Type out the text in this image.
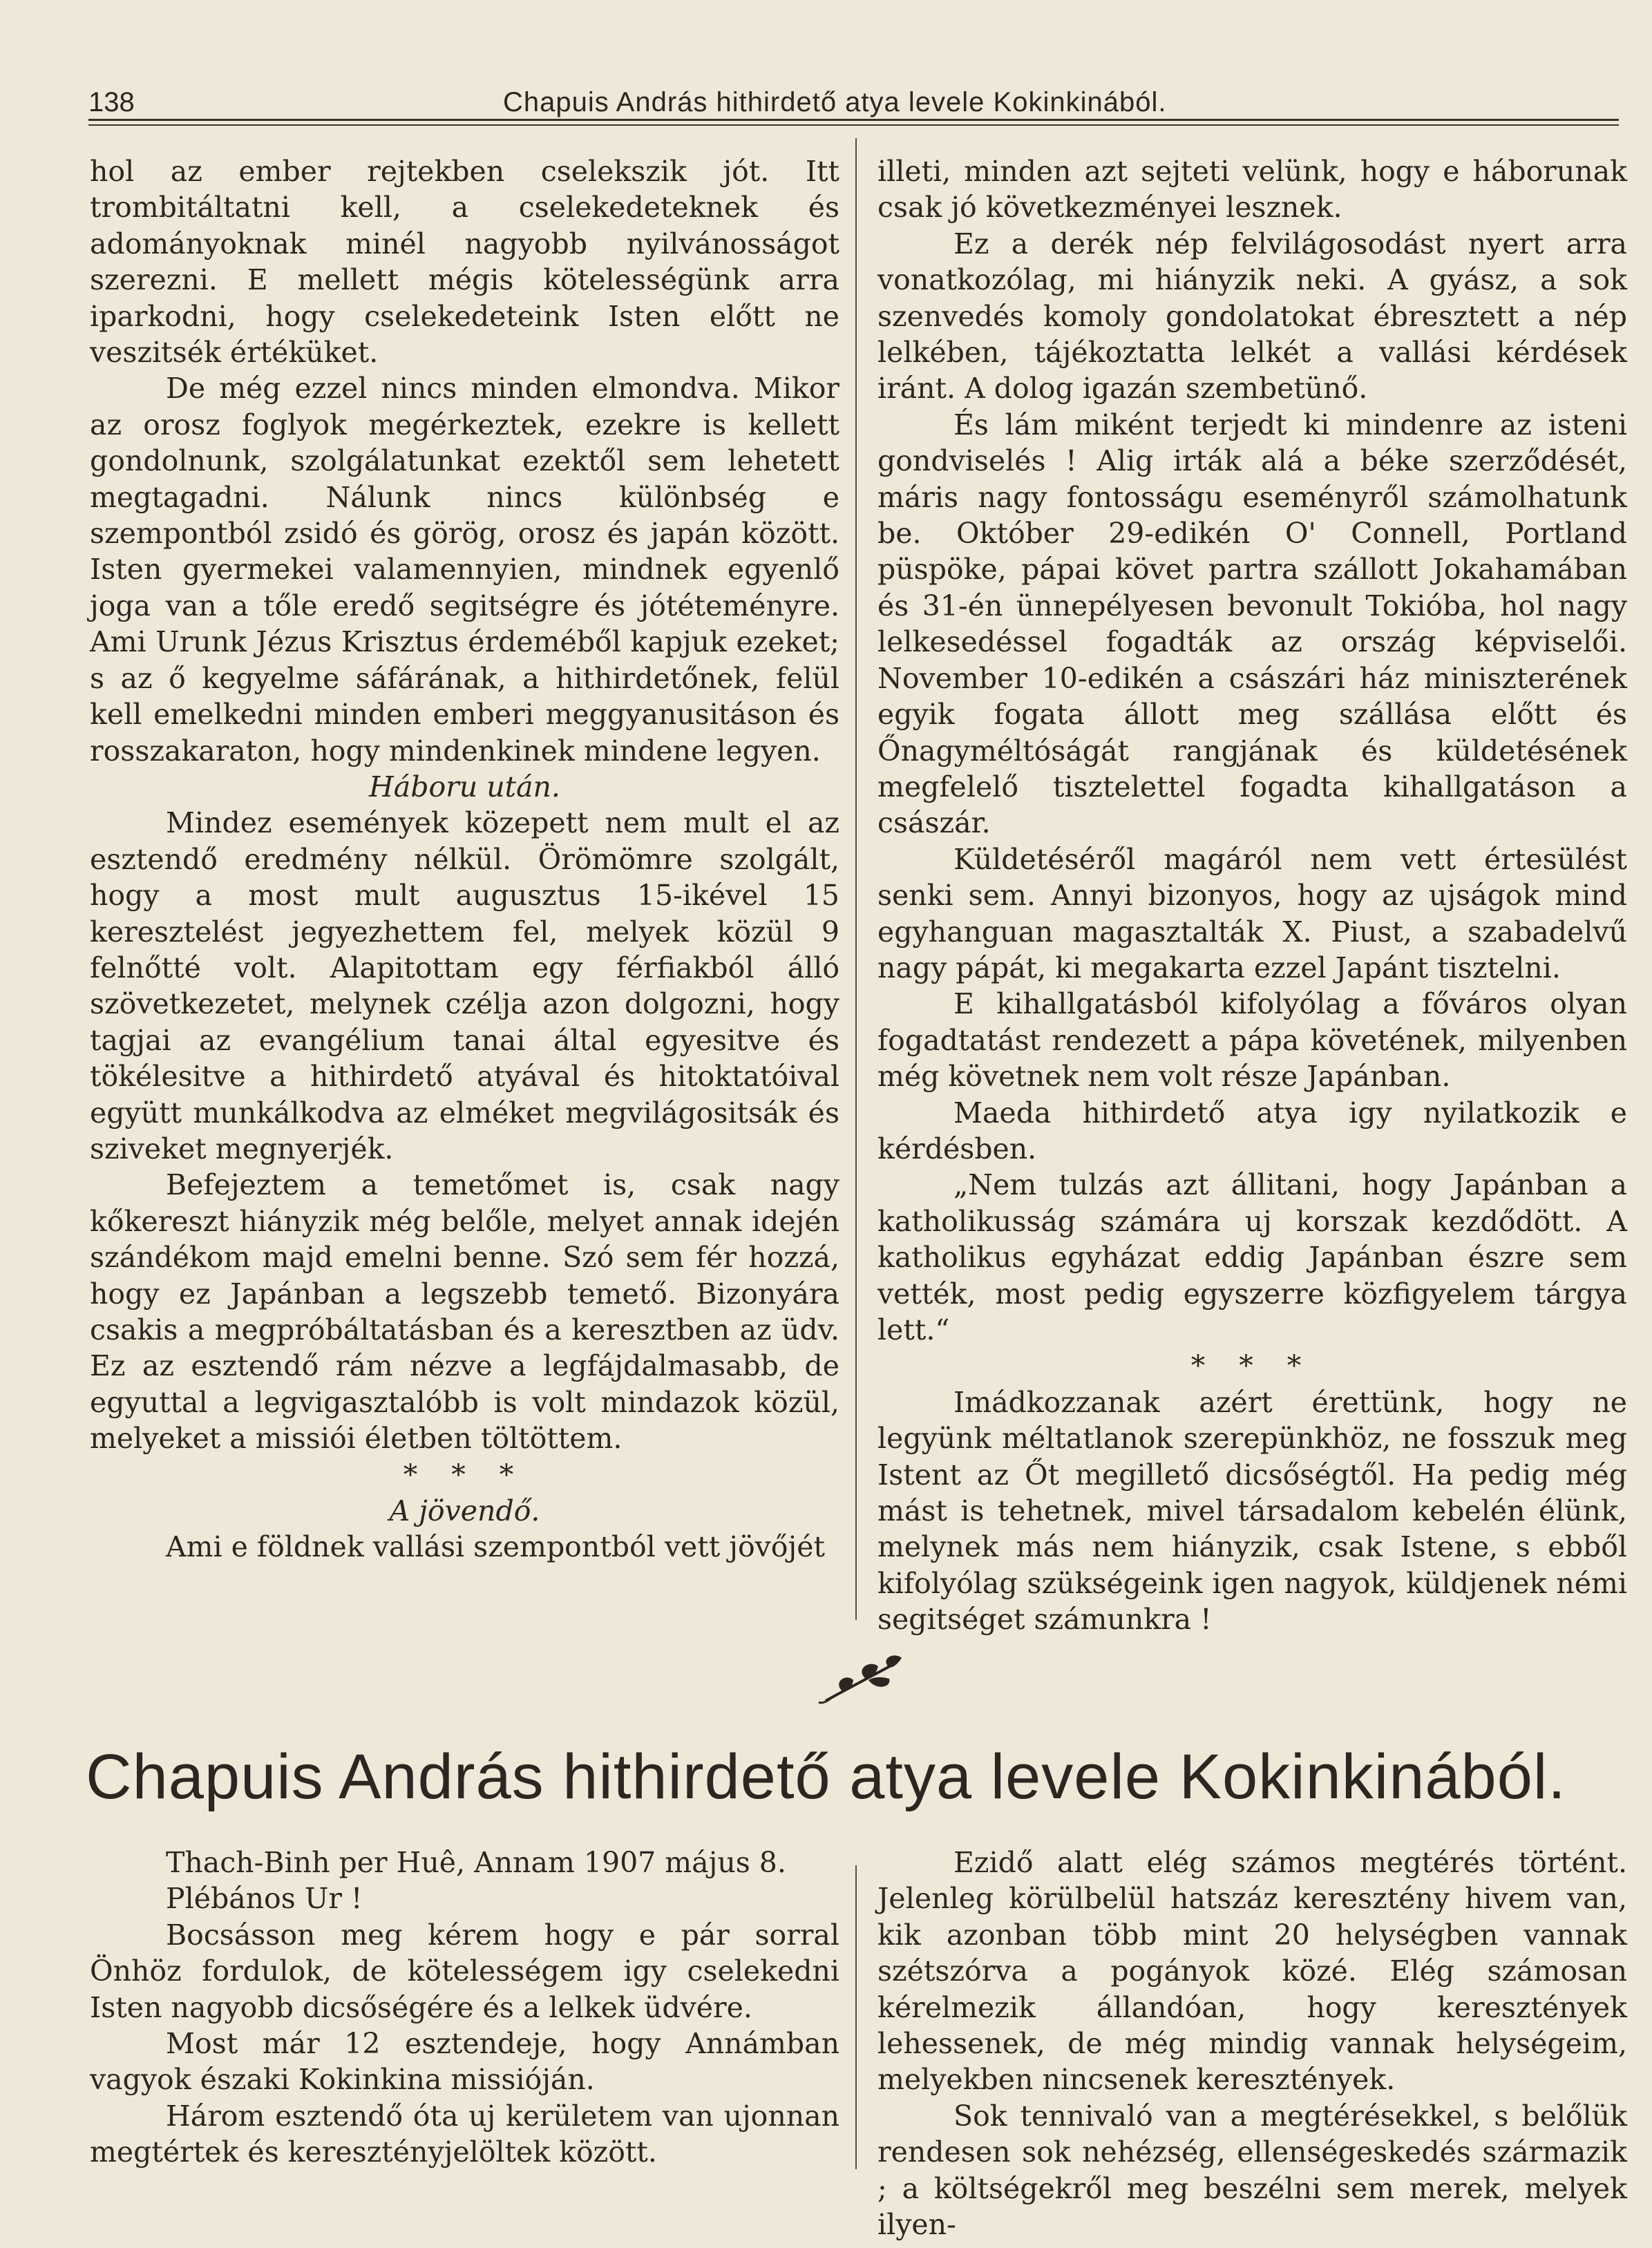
138	Chapuis András hithirdető atya levele Kokinkinából.

hol az ember rejtekben cselekszik jót. Itt trombitáltatni kell, a cselekedeteknek és adományoknak minél nagyobb nyilvánosságot szerezni. E mellett mégis kötelességünk arra iparkodni, hogy cselekedeteink Isten előtt ne veszitsék értéküket.

De még ezzel nincs minden elmondva. Mikor az orosz foglyok megérkeztek, ezekre is kellett gondolnunk, szolgálatunkat ezektől sem lehetett megtagadni. Nálunk nincs különbség e szempontból zsidó és görög, orosz és japán között. Isten gyermekei valamennyien, mindnek egyenlő joga van a tőle eredő segitségre és jótéteményre. Ami Urunk Jézus Krisztus érdeméből kapjuk ezeket; s az ő kegyelme sáfárának, a hithirdetőnek, felül kell emelkedni minden emberi meggyanusitáson és rosszakaraton, hogy mindenkinek mindene legyen.

Háboru után.

Mindez események közepett nem mult el az esztendő eredmény nélkül. Örömömre szolgált, hogy a most mult augusztus 15-ikével 15 keresztelést jegyezhettem fel, melyek közül 9 felnőtté volt. Alapitottam egy férfiakból álló szövetkezetet, melynek czélja azon dolgozni, hogy tagjai az evangélium tanai által egyesitve és tökélesitve a hithirdető atyával és hitoktatóival együtt munkálkodva az elméket megvilágositsák és sziveket megnyerjék.

Befejeztem a temetőmet is, csak nagy kőkereszt hiányzik még belőle, melyet annak idején szándékom majd emelni benne. Szó sem fér hozzá, hogy ez Japánban a legszebb temető. Bizonyára csakis a megpróbáltatásban és a keresztben az üdv. Ez az esztendő rám nézve a legfájdalmasabb, de egyuttal a legvigasztalóbb is volt mindazok közül, melyeket a missiói életben töltöttem.

* * *

A jövendő.

Ami e földnek vallási szempontból vett jövőjét

illeti, minden azt sejteti velünk, hogy e háborunak csak jó következményei lesznek.

Ez a derék nép felvilágosodást nyert arra vonatkozólag, mi hiányzik neki. A gyász, a sok szenvedés komoly gondolatokat ébresztett a nép lelkében, tájékoztatta lelkét a vallási kérdések iránt. A dolog igazán szembetünő.

És lám miként terjedt ki mindenre az isteni gondviselés ! Alig irták alá a béke szerződését, máris nagy fontosságu eseményről számolhatunk be. Október 29-edikén O' Connell, Portland püspöke, pápai követ partra szállott Jokahamában és 31-én ünnepélyesen bevonult Tokióba, hol nagy lelkesedéssel fogadták az ország képviselői. November 10-edikén a császári ház miniszterének egyik fogata állott meg szállása előtt és Őnagyméltóságát rangjának és küldetésének megfelelő tisztelettel fogadta kihallgatáson a császár.

Küldetéséről magáról nem vett értesülést senki sem. Annyi bizonyos, hogy az ujságok mind egyhanguan magasztalták X. Piust, a szabadelvű nagy pápát, ki megakarta ezzel Japánt tisztelni.

E kihallgatásból kifolyólag a főváros olyan fogadtatást rendezett a pápa követének, milyenben még követnek nem volt része Japánban.

Maeda hithirdető atya igy nyilatkozik e kérdésben.

„Nem tulzás azt állitani, hogy Japánban a katholikusság számára uj korszak kezdődött. A katholikus egyházat eddig Japánban észre sem vették, most pedig egyszerre közfigyelem tárgya lett.“

* * *

Imádkozzanak azért érettünk, hogy ne legyünk méltatlanok szerepünkhöz, ne fosszuk meg Istent az Őt megillető dicsőségtől. Ha pedig még mást is tehetnek, mivel társadalom kebelén élünk, melynek más nem hiányzik, csak Istene, s ebből kifolyólag szükségeink igen nagyok, küldjenek némi segitséget számunkra !

Chapuis András hithirdető atya levele Kokinkinából.

Thach-Binh per Huê, Annam 1907 május 8.

Plébános Ur !

Bocsásson meg kérem hogy e pár sorral Önhöz fordulok, de kötelességem igy cselekedni Isten nagyobb dicsőségére és a lelkek üdvére.

Most már 12 esztendeje, hogy Annámban vagyok északi Kokinkina missióján.

Három esztendő óta uj kerületem van ujonnan megtértek és keresztényjelöltek között.

Ezidő alatt elég számos megtérés történt. Jelenleg körülbelül hatszáz keresztény hivem van, kik azonban több mint 20 helységben vannak szétszórva a pogányok közé. Elég számosan kérelmezik állandóan, hogy keresztények lehessenek, de még mindig vannak helységeim, melyekben nincsenek keresztények.

Sok tennivaló van a megtérésekkel, s belőlük rendesen sok nehézség, ellenségeskedés származik ; a költségekről meg beszélni sem merek, melyek ilyen-
